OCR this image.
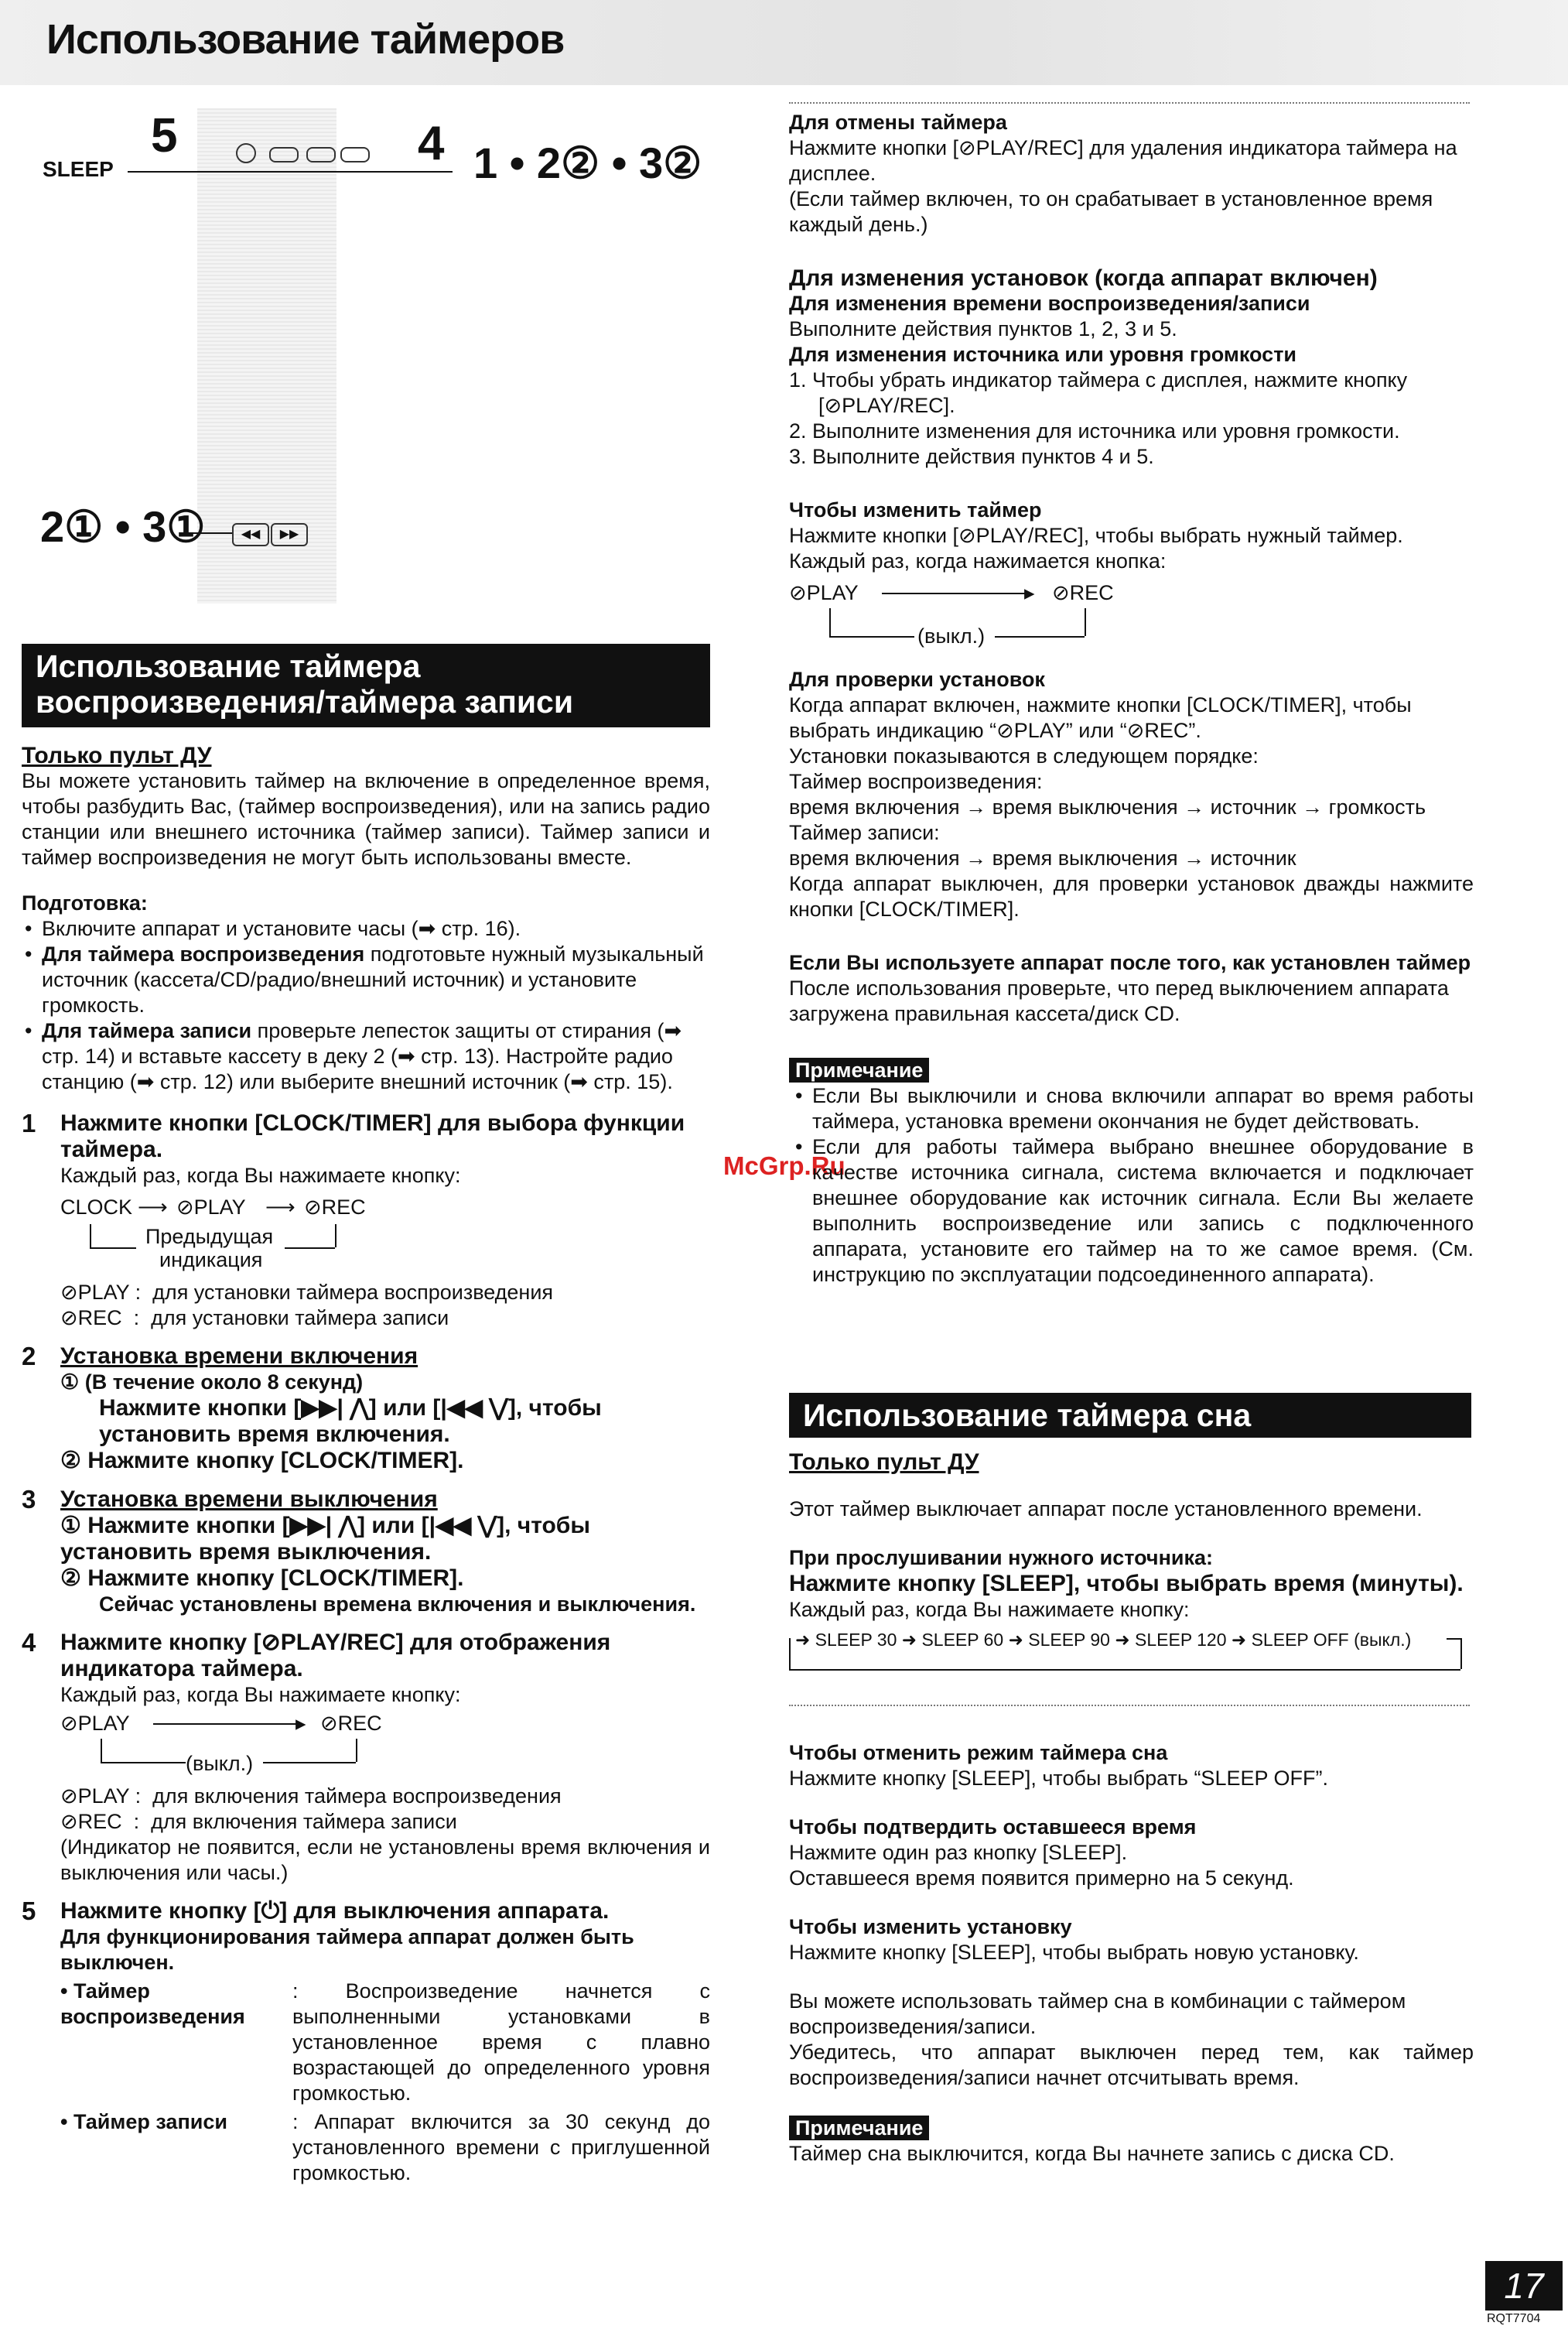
Использование таймеров
SLEEP
5	4 1 • 2② • 3②
2① • 3①	◀◀	▶▶
Использование таймера воспроизведения/таймера записи

Только пульт ДУ

Вы можете установить таймер на включение в определенное время, чтобы разбудить Вас, (таймер воспроизведения), или на запись радио станции или внешнего источника (таймер записи). Таймер записи и таймер воспроизведения не могут быть использованы вместе.

Подготовка:

• Включите аппарат и установите часы (➡ стр. 16).
• Для таймера воспроизведения подготовьте нужный музыкальный источник (кассета/CD/радио/внешний источник) и установите громкость.
• Для таймера записи проверьте лепесток защиты от стирания (➡ стр. 14) и вставьте кассету в деку 2 (➡ стр. 13). Настройте радио станцию (➡ стр. 12) или выберите внешний источник (➡ стр. 15).
1 Нажмите кнопки [CLOCK/TIMER] для выбора функции таймера.

Каждый раз, когда Вы нажимаете кнопку:

CLOCK ⟶ ⊘PLAY ⟶ ⊘REC
Предыдущая
индикация

⊘PLAY :  для установки таймера воспроизведения

⊘REC  :  для установки таймера записи

2 Установка времени включения

① (В течение около 8 секунд)

Нажмите кнопки [▶▶| ⋀] или [|◀◀ ⋁], чтобы установить время включения.

② Нажмите кнопку [CLOCK/TIMER].

3 Установка времени выключения

① Нажмите кнопки [▶▶| ⋀] или [|◀◀ ⋁], чтобы установить время выключения.

② Нажмите кнопку [CLOCK/TIMER].

Сейчас установлены времена включения и выключения.

4 Нажмите кнопку [⊘PLAY/REC] для отображения индикатора таймера.

Каждый раз, когда Вы нажимаете кнопку:

⊘PLAY	▸ ⊘REC
(выкл.)

⊘PLAY :  для включения таймера воспроизведения

⊘REC  :  для включения таймера записи

(Индикатор не появится, если не установлены время включения и выключения или часы.)

5 Нажмите кнопку [⏻] для выключения аппарата.

Для функционирования таймера аппарат должен быть выключен.

• Таймер воспроизведения
: Воспроизведение начнется с выполненными установками в установленное время с плавно возрастающей до определенного уровня громкостью.
• Таймер записи	: Аппарат включится за 30 секунд до установленного времени с приглушенной громкостью.
McGrp.Ru

Для отмены таймера

Нажмите кнопки [⊘PLAY/REC] для удаления индикатора таймера на дисплее.

(Если таймер включен, то он срабатывает в установленное время каждый день.)

Для изменения установок (когда аппарат включен)

Для изменения времени воспроизведения/записи

Выполните действия пунктов 1, 2, 3 и 5.

Для изменения источника или уровня громкости

1. Чтобы убрать индикатор таймера с дисплея, нажмите кнопку [⊘PLAY/REC].

2. Выполните изменения для источника или уровня громкости.

3. Выполните действия пунктов 4 и 5.

Чтобы изменить таймер

Нажмите кнопки [⊘PLAY/REC], чтобы выбрать нужный таймер. Каждый раз, когда нажимается кнопка:

⊘PLAY	▸ ⊘REC
(выкл.)

Для проверки установок

Когда аппарат включен, нажмите кнопки [CLOCK/TIMER], чтобы выбрать индикацию “⊘PLAY” или “⊘REC”.

Установки показываются в следующем порядке:

Таймер воспроизведения:

время включения → время выключения → источник → громкость

Таймер записи:

время включения → время выключения → источник

Когда аппарат выключен, для проверки установок дважды нажмите кнопки [CLOCK/TIMER].

Если Вы используете аппарат после того, как установлен таймер

После использования проверьте, что перед выключением аппарата загружена правильная кассета/диск CD.

Примечание

• Если Вы выключили и снова включили аппарат во время работы таймера, установка времени окончания не будет действовать.
• Если для работы таймера выбрано внешнее оборудование в качестве источника сигнала, система включается и подключает внешнее оборудование как источник сигнала. Если Вы желаете выполнить воспроизведение или запись с подключенного аппарата, установите его таймер на то же самое время. (См. инструкцию по эксплуатации подсоединенного аппарата).
Использование таймера сна

Только пульт ДУ

Этот таймер выключает аппарат после установленного времени.

При прослушивании нужного источника:

Нажмите кнопку [SLEEP], чтобы выбрать время (минуты).

Каждый раз, когда Вы нажимаете кнопку:

➜ SLEEP 30 ➜ SLEEP 60 ➜ SLEEP 90 ➜ SLEEP 120 ➜ SLEEP OFF (выкл.)

Чтобы отменить режим таймера сна

Нажмите кнопку [SLEEP], чтобы выбрать “SLEEP OFF”.

Чтобы подтвердить оставшееся время

Нажмите один раз кнопку [SLEEP].

Оставшееся время появится примерно на 5 секунд.

Чтобы изменить установку

Нажмите кнопку [SLEEP], чтобы выбрать новую установку.

Вы можете использовать таймер сна в комбинации с таймером воспроизведения/записи.

Убедитесь, что аппарат выключен перед тем, как таймер воспроизведения/записи начнет отсчитывать время.

Примечание

Таймер сна выключится, когда Вы начнете запись с диска CD.

17
RQT7704
